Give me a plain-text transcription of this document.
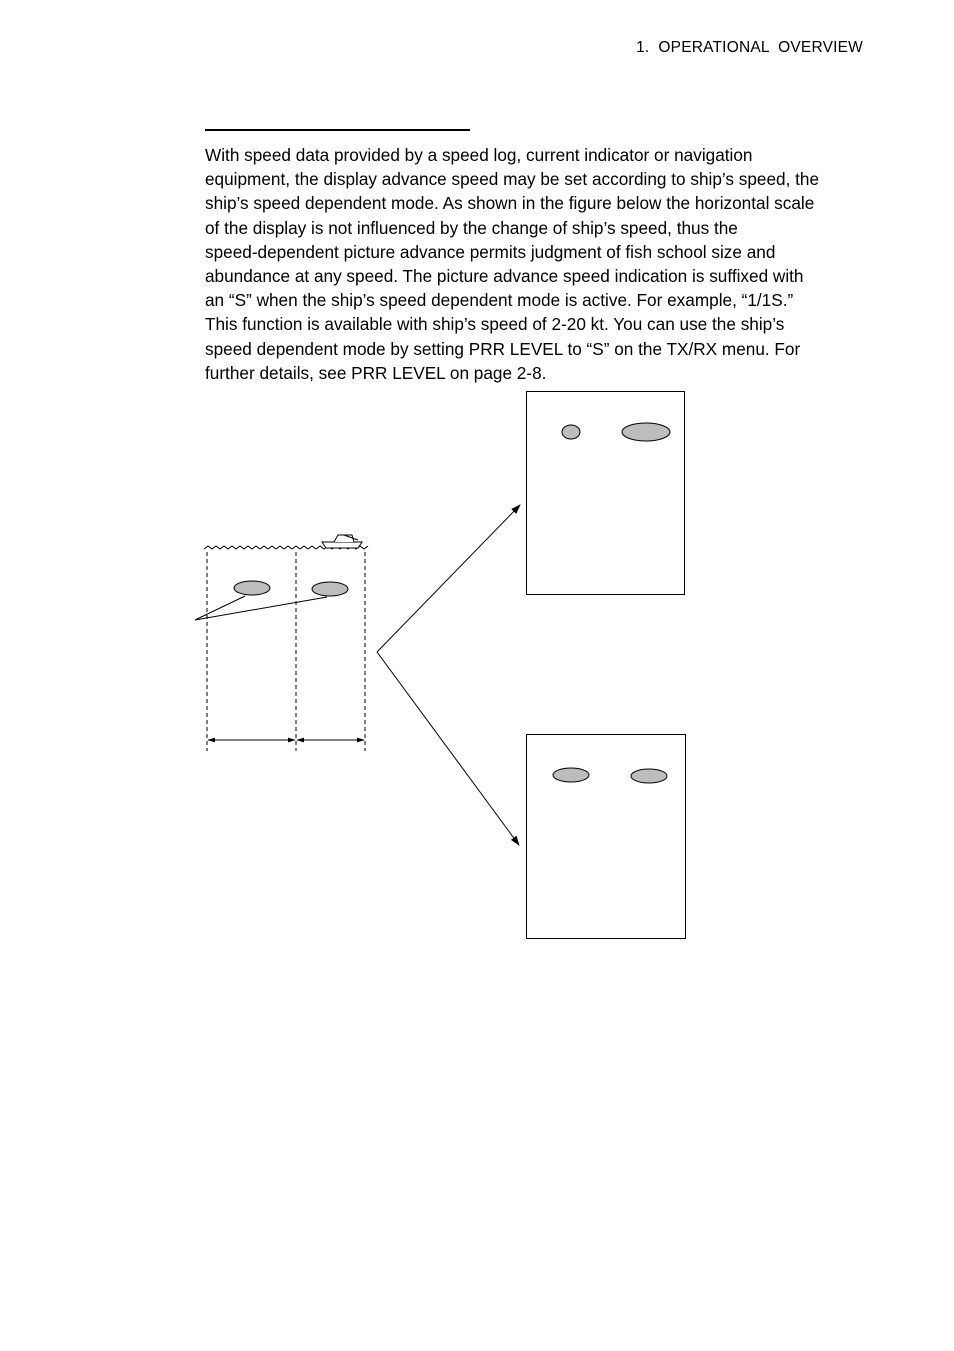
1.  OPERATIONAL  OVERVIEW

With speed data provided by a speed log, current indicator or navigation
equipment, the display advance speed may be set according to ship’s speed, the
ship’s speed dependent mode. As shown in the figure below the horizontal scale
of the display is not influenced by the change of ship’s speed, thus the
speed-dependent picture advance permits judgment of fish school size and
abundance at any speed. The picture advance speed indication is suffixed with
an “S” when the ship’s speed dependent mode is active. For example, “1/1S.”
This function is available with ship’s speed of 2-20 kt. You can use the ship’s
speed dependent mode by setting PRR LEVEL to “S” on the TX/RX menu. For
further details, see PRR LEVEL on page 2-8.
